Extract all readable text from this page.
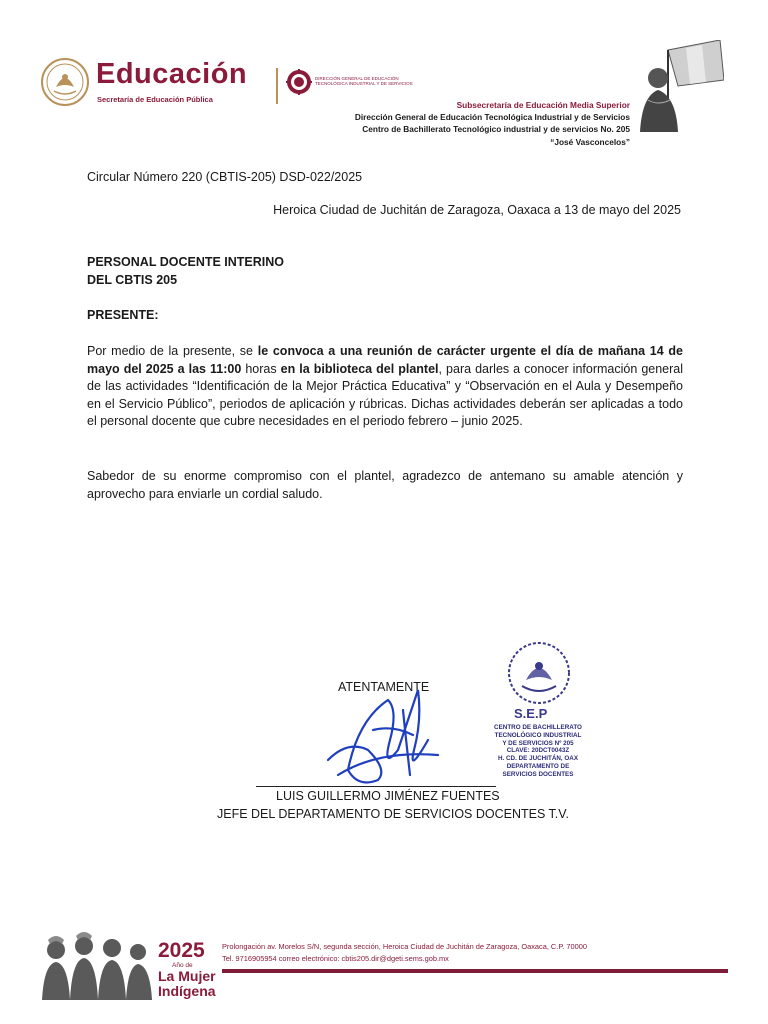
Educación
Secretaría de Educación Pública
DIRECCIÓN GENERAL DE EDUCACIÓN TECNOLÓGICA INDUSTRIAL Y DE SERVICIOS
Subsecretaría de Educación Media Superior
Dirección General de Educación Tecnológica Industrial y de Servicios
Centro de Bachillerato Tecnológico industrial y de servicios No. 205
“José Vasconcelos”
Circular Número 220 (CBTIS-205) DSD-022/2025
Heroica Ciudad de Juchitán de Zaragoza, Oaxaca a 13 de mayo del 2025
PERSONAL DOCENTE INTERINO
DEL CBTIS 205
PRESENTE:
Por medio de la presente, se le convoca a una reunión de carácter urgente el día de mañana 14 de mayo del 2025 a las 11:00 horas en la biblioteca del plantel, para darles a conocer información general de las actividades “Identificación de la Mejor Práctica Educativa” y “Observación en el Aula y Desempeño en el Servicio Público”, periodos de aplicación y rúbricas. Dichas actividades deberán ser aplicadas a todo el personal docente que cubre necesidades en el periodo febrero – junio 2025.
Sabedor de su enorme compromiso con el plantel, agradezco de antemano su amable atención y aprovecho para enviarle un cordial saludo.
ATENTAMENTE
LUIS GUILLERMO JIMÉNEZ FUENTES
JEFE DEL DEPARTAMENTO DE SERVICIOS DOCENTES T.V.
S.E.P
CENTRO DE BACHILLERATO
TECNOLÓGICO INDUSTRIAL
Y DE SERVICIOS Nº 205
CLAVE: 20DCT0043Z
H. CD. DE JUCHITÁN, OAX
DEPARTAMENTO DE
SERVICIOS DOCENTES
2025
Año de
La Mujer
Indígena
Prolongación av. Morelos S/N, segunda sección, Heroica Ciudad de Juchitán de Zaragoza, Oaxaca, C.P. 70000
Tel. 9716905954 correo electrónico: cbtis205.dir@dgeti.sems.gob.mx
